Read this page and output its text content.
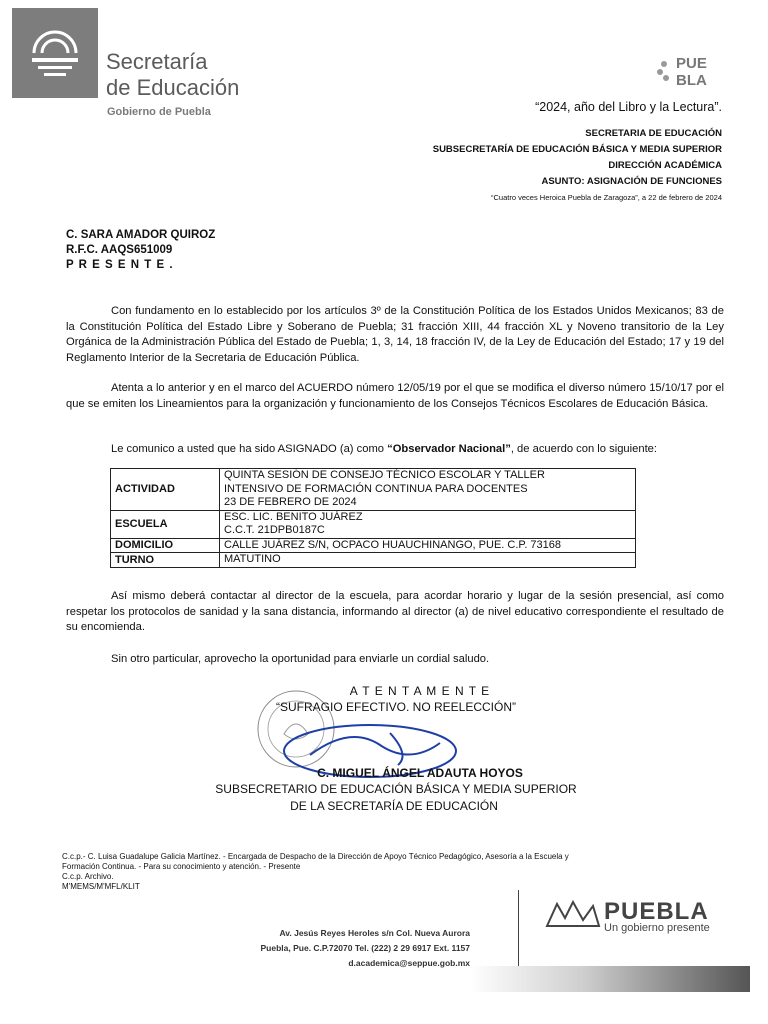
Secretaría
de Educación
Gobierno de Puebla
PUE
BLA
“2024, año del Libro y la Lectura”.
SECRETARIA DE EDUCACIÓN
SUBSECRETARÍA DE EDUCACIÓN BÁSICA Y MEDIA SUPERIOR
DIRECCIÓN ACADÉMICA
ASUNTO: ASIGNACIÓN DE FUNCIONES
“Cuatro veces Heroica Puebla de Zaragoza”, a 22 de febrero de 2024
C. SARA AMADOR QUIROZ
R.F.C. AAQS651009
P R E S E N T E .
Con fundamento en lo establecido por los artículos 3º de la Constitución Política de los Estados Unidos Mexicanos; 83 de la Constitución Política del Estado Libre y Soberano de Puebla; 31 fracción XIII, 44 fracción XL y Noveno transitorio de la Ley Orgánica de la Administración Pública del Estado de Puebla; 1, 3, 14, 18 fracción IV, de la Ley de Educación del Estado; 17 y 19 del Reglamento Interior de la Secretaria de Educación Pública.
Atenta a lo anterior y en el marco del ACUERDO número 12/05/19 por el que se modifica el diverso número 15/10/17 por el que se emiten los Lineamientos para la organización y funcionamiento de los Consejos Técnicos Escolares de Educación Básica.
Le comunico a usted que ha sido ASIGNADO (a) como “Observador Nacional”, de acuerdo con lo siguiente:
ACTIVIDAD	QUINTA SESIÓN DE CONSEJO TÉCNICO ESCOLAR Y TALLER
INTENSIVO DE FORMACIÓN CONTINUA PARA DOCENTES
23 DE FEBRERO DE 2024

ESCUELA	ESC. LIC. BENITO JUÁREZ
C.C.T. 21DPB0187C

DOMICILIO	CALLE JUÁREZ S/N, OCPACO HUAUCHINANGO, PUE. C.P. 73168

TURNO	MATUTINO
Así mismo deberá contactar al director de la escuela, para acordar horario y lugar de la sesión presencial, así como respetar los protocolos de sanidad y la sana distancia, informando al director (a) de nivel educativo correspondiente el resultado de su encomienda.
Sin otro particular, aprovecho la oportunidad para enviarle un cordial saludo.
A T E N T A M E N T E
“SUFRAGIO EFECTIVO. NO REELECCIÓN”
C. MIGUEL ÁNGEL ADAUTA HOYOS
SUBSECRETARIO DE EDUCACIÓN BÁSICA Y MEDIA SUPERIOR
DE LA SECRETARÍA DE EDUCACIÓN
C.c.p.- C. Luisa Guadalupe Galicia Martínez. - Encargada de Despacho de la Dirección de Apoyo Técnico Pedagógico, Asesoría a la Escuela y
Formación Continua. - Para su conocimiento y atención. - Presente
C.c.p. Archivo.
M'MEMS/M'MFL/KLIT
Av. Jesús Reyes Heroles s/n Col. Nueva Aurora
Puebla, Pue. C.P.72070 Tel. (222) 2 29 6917 Ext. 1157
d.academica@seppue.gob.mx
PUEBLA
Un gobierno presente
